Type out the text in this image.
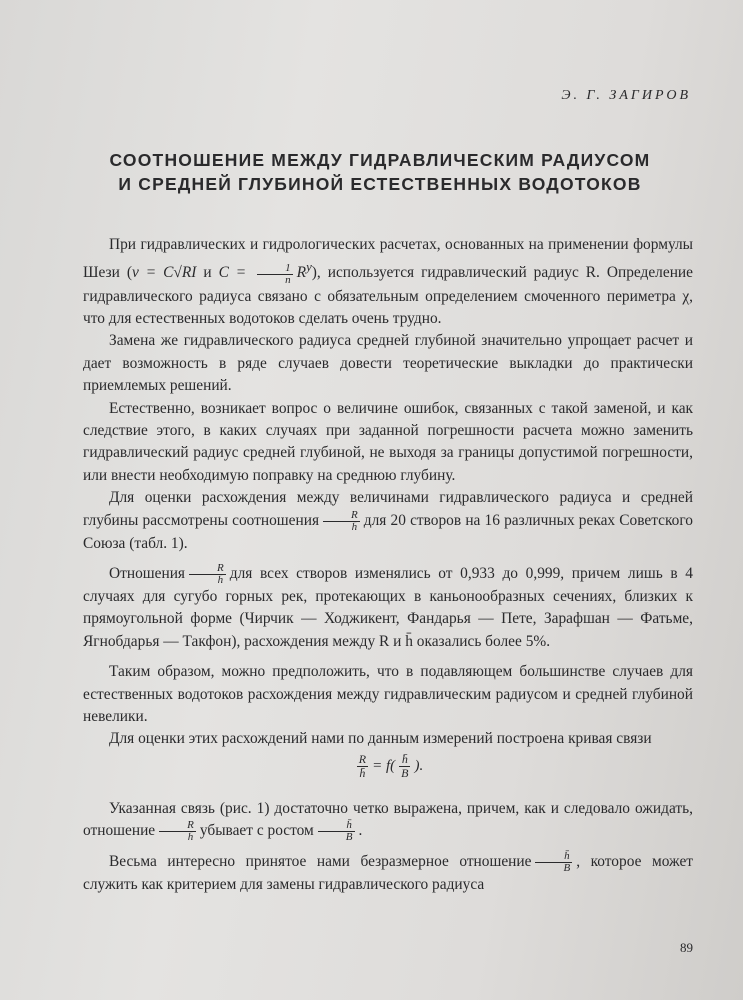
Э. Г. ЗАГИРОВ
СООТНОШЕНИЕ МЕЖДУ ГИДРАВЛИЧЕСКИМ РАДИУСОМ
И СРЕДНЕЙ ГЛУБИНОЙ ЕСТЕСТВЕННЫХ ВОДОТОКОВ

При гидравлических и гидрологических расчетах, основанных на применении формулы Шези (v = C√RI и $C = \frac{1}{n} R^y$), используется гидравлический радиус R. Определение гидравлического радиуса связано с обязательным определением смоченного периметра χ, что для естественных водотоков сделать очень трудно.

Замена же гидравлического радиуса средней глубиной значительно упрощает расчет и дает возможность в ряде случаев довести теоретические выкладки до практически приемлемых решений.

Естественно, возникает вопрос о величине ошибок, связанных с такой заменой, и как следствие этого, в каких случаях при заданной погрешности расчета можно заменить гидравлический радиус средней глубиной, не выходя за границы допустимой погрешности, или внести необходимую поправку на среднюю глубину.

Для оценки расхождения между величинами гидравлического радиуса и средней глубины рассмотрены соотношения $\frac{R}{h̄}$ для 20 створов на 16 различных реках Советского Союза (табл. 1).

Отношения $\frac{R}{h̄}$ для всех створов изменялись от 0,933 до 0,999, причем лишь в 4 случаях для сугубо горных рек, протекающих в каньонообразных сечениях, близких к прямоугольной форме (Чирчик — Ходжикент, Фандарья — Пете, Зарафшан — Фатьме, Ягнобдарья — Такфон), расхождения между R и h̄ оказались более 5%.

Таким образом, можно предположить, что в подавляющем большинстве случаев для естественных водотоков расхождения между гидравлическим радиусом и средней глубиной невелики.

Для оценки этих расхождений нами по данным измерений построена кривая связи

$\frac{R}{h̄} = f( \frac{h̄}{B}$ ).

Указанная связь (рис. 1) достаточно четко выражена, причем, как и следовало ожидать, отношение $\frac{R}{h̄}$ убывает с ростом $\frac{h̄}{B}$ .

Весьма интересно принятое нами безразмерное отношение $\frac{h̄}{B}$ , которое может служить как критерием для замены гидравлического радиуса

89
